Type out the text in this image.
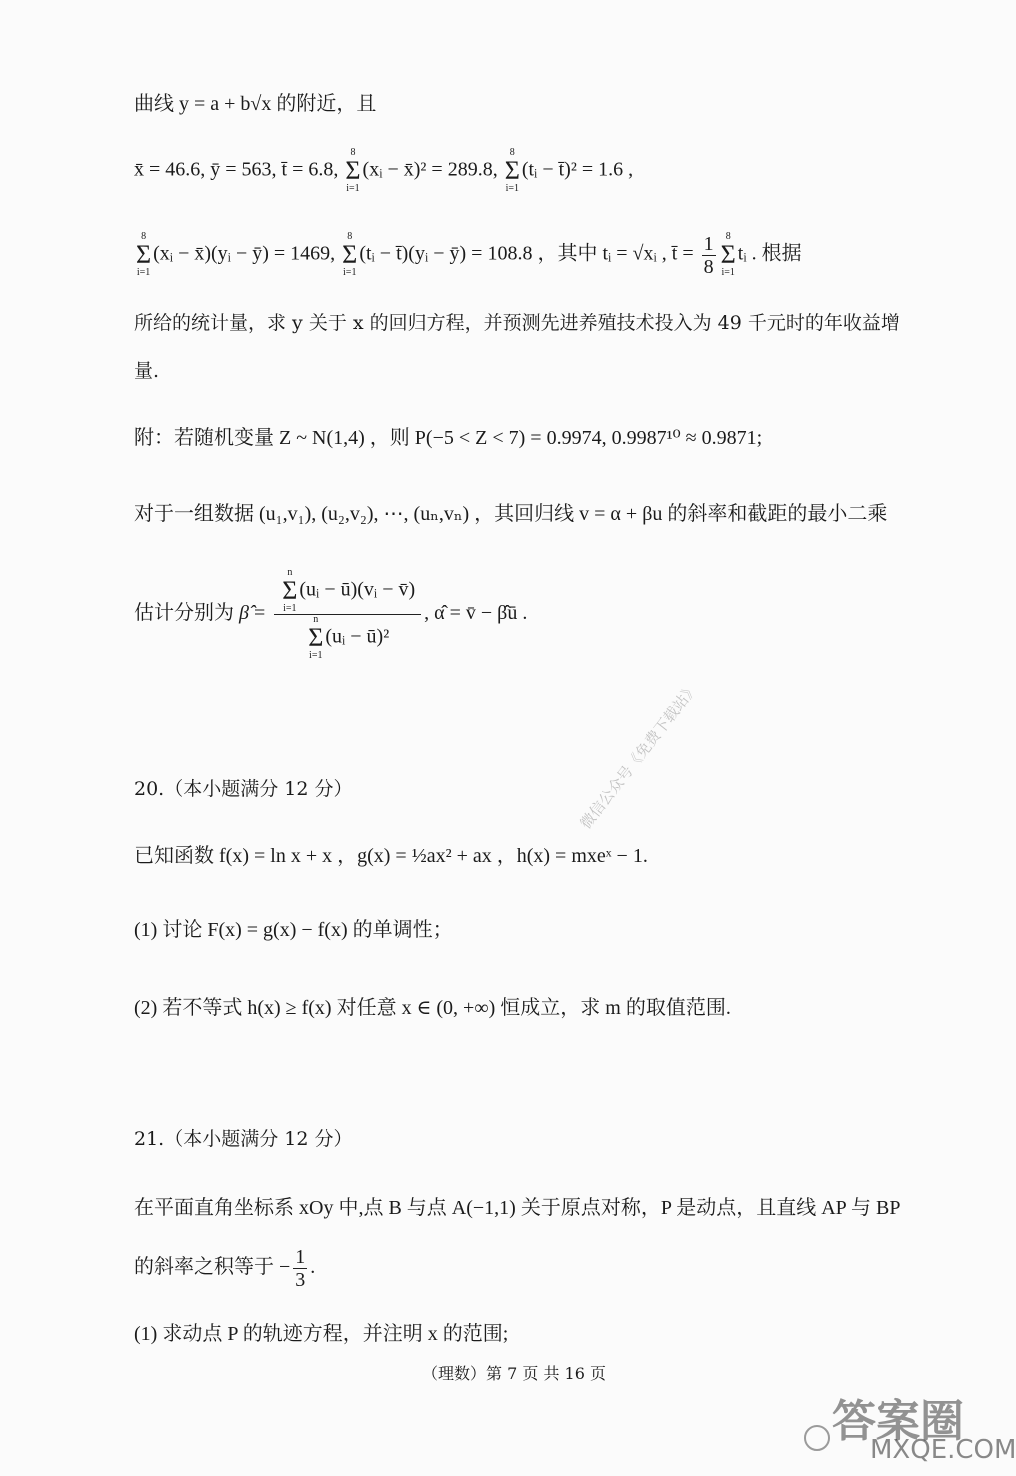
曲线 y = a + b√x 的附近，且
x̄ = 46.6, ȳ = 563, t̄ = 6.8,
8
Σ
i=1
(xᵢ − x̄)² = 289.8,
8
Σ
i=1
(tᵢ − t̄)² = 1.6 ,
8
Σ
i=1
(xᵢ − x̄)(yᵢ − ȳ) = 1469,
8
Σ
i=1
(tᵢ − t̄)(yᵢ − ȳ) = 108.8 ，其中 tᵢ = √xᵢ , t̄ = $\frac{1}{8} 8$
Σ
i=1
tᵢ . 根据
所给的统计量，求 y 关于 x 的回归方程，并预测先进养殖技术投入为 49 千元时的年收益增
量.
附：若随机变量 Z ~ N(1,4) ，则 P(−5 < Z < 7) = 0.9974, 0.9987¹⁰ ≈ 0.9871;
对于一组数据 (u₁,v₁), (u₂,v₂), ⋯, (uₙ,vₙ) ，其回归线 v = α + βu 的斜率和截距的最小二乘
估计分别为 β̂ = n
Σ
i=1
(uᵢ − ū)(vᵢ − v̄)
n
Σ
i=1
(uᵢ − ū)² , α̂ = v̄ − β̂ū .
微信公众号《免费下载站》
20.（本小题满分 12 分）
已知函数 f(x) = ln x + x ，g(x) = ½ax² + ax ，h(x) = mxeˣ − 1.
(1) 讨论 F(x) = g(x) − f(x) 的单调性；
(2) 若不等式 h(x) ≥ f(x) 对任意 x ∈ (0, +∞) 恒成立，求 m 的取值范围.
21.（本小题满分 12 分）
在平面直角坐标系 xOy 中,点 B 与点 A(−1,1) 关于原点对称，P 是动点，且直线 AP 与 BP
的斜率之积等于 − $\frac{1}{3}$ .
(1) 求动点 P 的轨迹方程，并注明 x 的范围;
（理数）第 7 页 共 16 页
答案圈
MXQE.COM
